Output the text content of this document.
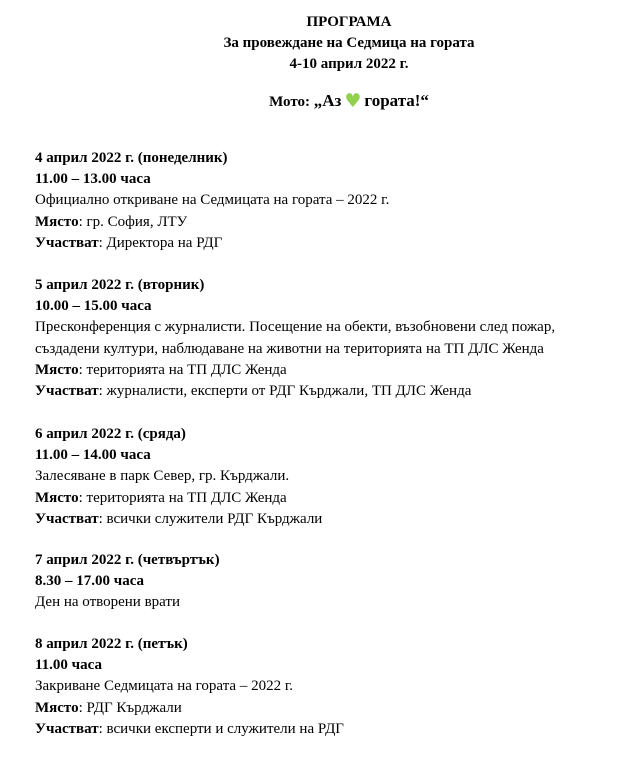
ПРОГРАМА
За провеждане на Седмица на гората
4-10 април 2022 г.
Мото: „Аз ♥ гората!“
4 април 2022 г. (понеделник)
11.00 – 13.00 часа
Официално откриване на Седмицата на гората – 2022 г.
Място: гр. София, ЛТУ
Участват: Директора на РДГ
5 април 2022 г. (вторник)
10.00 – 15.00 часа
Пресконференция с журналисти. Посещение на обекти, възобновени след пожар, създадени култури, наблюдаване на животни на територията на ТП ДЛС Женда
Място: територията на ТП ДЛС Женда
Участват: журналисти, експерти от РДГ Кърджали, ТП ДЛС Женда
6 април 2022 г. (сряда)
11.00 – 14.00 часа
Залесяване в парк Север, гр. Кърджали.
Място: територията на ТП ДЛС Женда
Участват: всички служители РДГ Кърджали
7 април 2022 г. (четвъртък)
8.30 – 17.00 часа
Ден на отворени врати
8 април 2022 г. (петък)
11.00 часа
Закриване Седмицата на гората – 2022 г.
Място: РДГ Кърджали
Участват: всички експерти и служители на РДГ
